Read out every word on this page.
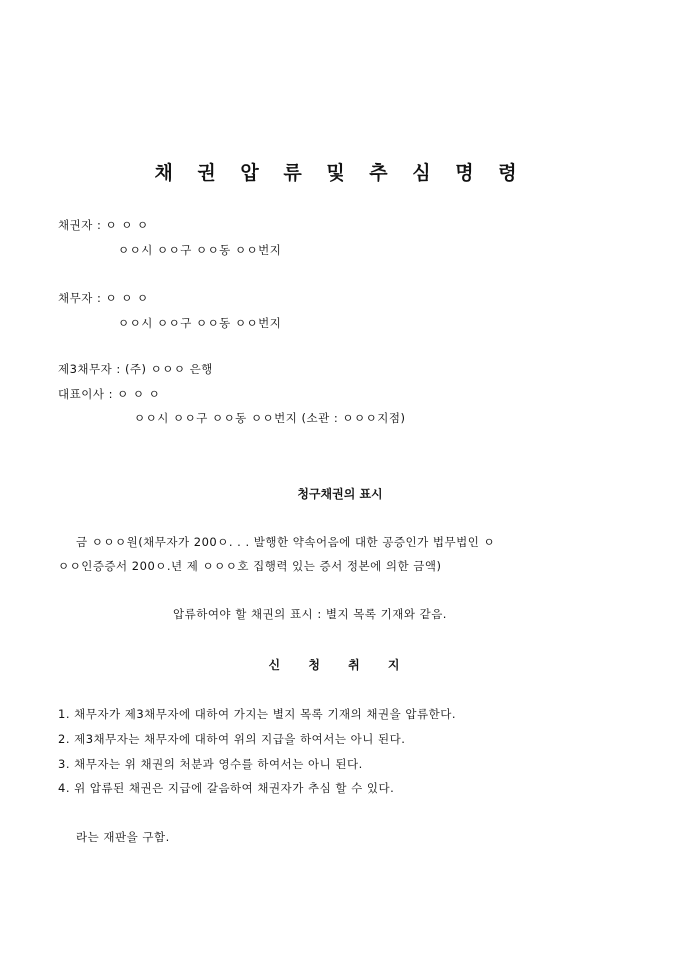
채 권 압 류 및 추 심 명 령
채권자 : ㅇ ㅇ ㅇ
ㅇㅇ시 ㅇㅇ구 ㅇㅇ동 ㅇㅇ번지
채무자 : ㅇ ㅇ ㅇ
ㅇㅇ시 ㅇㅇ구 ㅇㅇ동 ㅇㅇ번지
제3채무자 : (주) ㅇㅇㅇ 은행
대표이사 : ㅇ ㅇ ㅇ
ㅇㅇ시 ㅇㅇ구 ㅇㅇ동 ㅇㅇ번지 (소관 : ㅇㅇㅇ지점)
청구채권의 표시
금 ㅇㅇㅇ원(채무자가 200ㅇ. . . 발행한 약속어음에 대한 공증인가 법무법인 ㅇ
ㅇㅇ인증증서 200ㅇ.년 제 ㅇㅇㅇ호 집행력 있는 증서 정본에 의한 금액)
압류하여야 할 채권의 표시 : 별지 목록 기재와 같음.
신 청 취 지
1. 채무자가 제3채무자에 대하여 가지는 별지 목록 기재의 채권을 압류한다.
2. 제3채무자는 채무자에 대하여 위의 지급을 하여서는 아니 된다.
3. 채무자는 위 채권의 처분과 영수를 하여서는 아니 된다.
4. 위 압류된 채권은 지급에 갈음하여 채권자가 추심 할 수 있다.
라는 재판을 구함.
